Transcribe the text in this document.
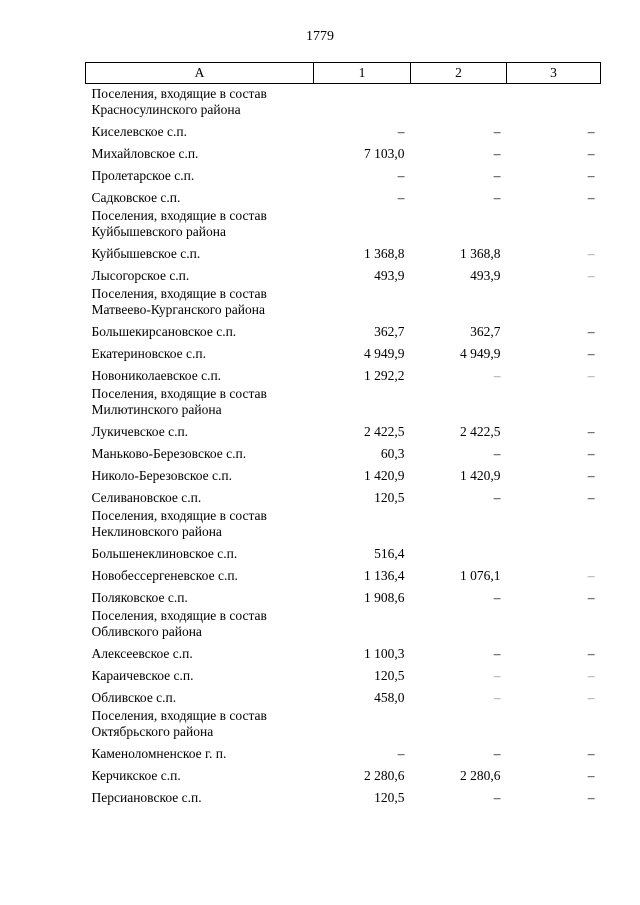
1779
А	1	2	3
Поселения, входящие в состав
Красносулинского района			
Киселевское с.п.	–	–	–
Михайловское с.п.	7 103,0	–	–
Пролетарское с.п.	–	–	–
Садковское с.п.	–	–	–
Поселения, входящие в состав
Куйбышевского района			
Куйбышевское с.п.	1 368,8	1 368,8	–
Лысогорское с.п.	493,9	493,9	–
Поселения, входящие в состав
Матвеево-Курганского района			
Большекирсановское с.п.	362,7	362,7	–
Екатериновское с.п.	4 949,9	4 949,9	–
Новониколаевское с.п.	1 292,2	–	–
Поселения, входящие в состав
Милютинского района			
Лукичевское с.п.	2 422,5	2 422,5	–
Маньково-Березовское с.п.	60,3	–	–
Николо-Березовское с.п.	1 420,9	1 420,9	–
Селивановское с.п.	120,5	–	–
Поселения, входящие в состав
Неклиновского района			
Большенеклиновское с.п.	516,4		
Новобессергеневское с.п.	1 136,4	1 076,1	–
Поляковское с.п.	1 908,6	–	–
Поселения, входящие в состав
Обливского района			
Алексеевское с.п.	1 100,3	–	–
Караичевское с.п.	120,5	–	–
Обливское с.п.	458,0	–	–
Поселения, входящие в состав
Октябрьского района			
Каменоломненское г. п.	–	–	–
Керчикское с.п.	2 280,6	2 280,6	–
Персиановское с.п.	120,5	–	–
